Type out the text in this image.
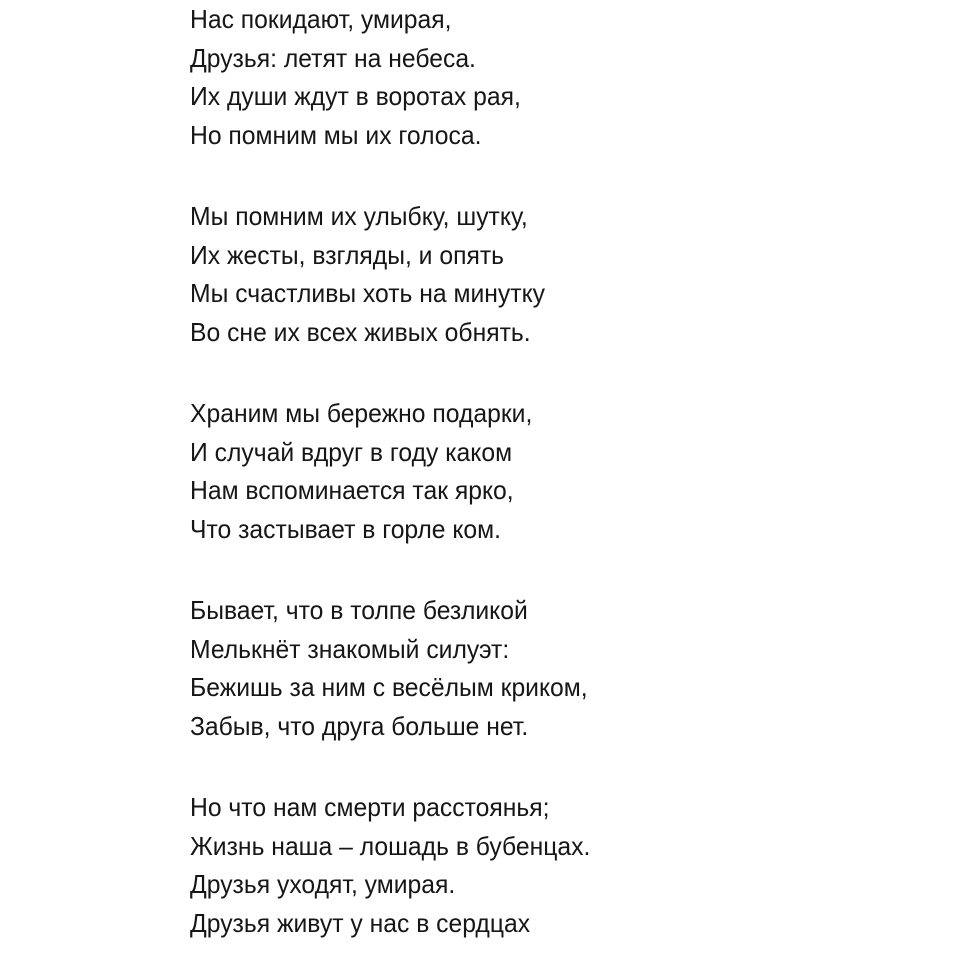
Нас покидают, умирая,
Друзья: летят на небеса.
Их души ждут в воротах рая,
Но помним мы их голоса.
Мы помним их улыбку, шутку,
Их жесты, взгляды, и опять
Мы счастливы хоть на минутку
Во сне их всех живых обнять.
Храним мы бережно подарки,
И случай вдруг в году каком
Нам вспоминается так ярко,
Что застывает в горле ком.
Бывает, что в толпе безликой
Мелькнёт знакомый силуэт:
Бежишь за ним с весёлым криком,
Забыв, что друга больше нет.
Но что нам смерти расстоянья;
Жизнь наша – лошадь в бубенцах.
Друзья уходят, умирая.
Друзья живут у нас в сердцах
